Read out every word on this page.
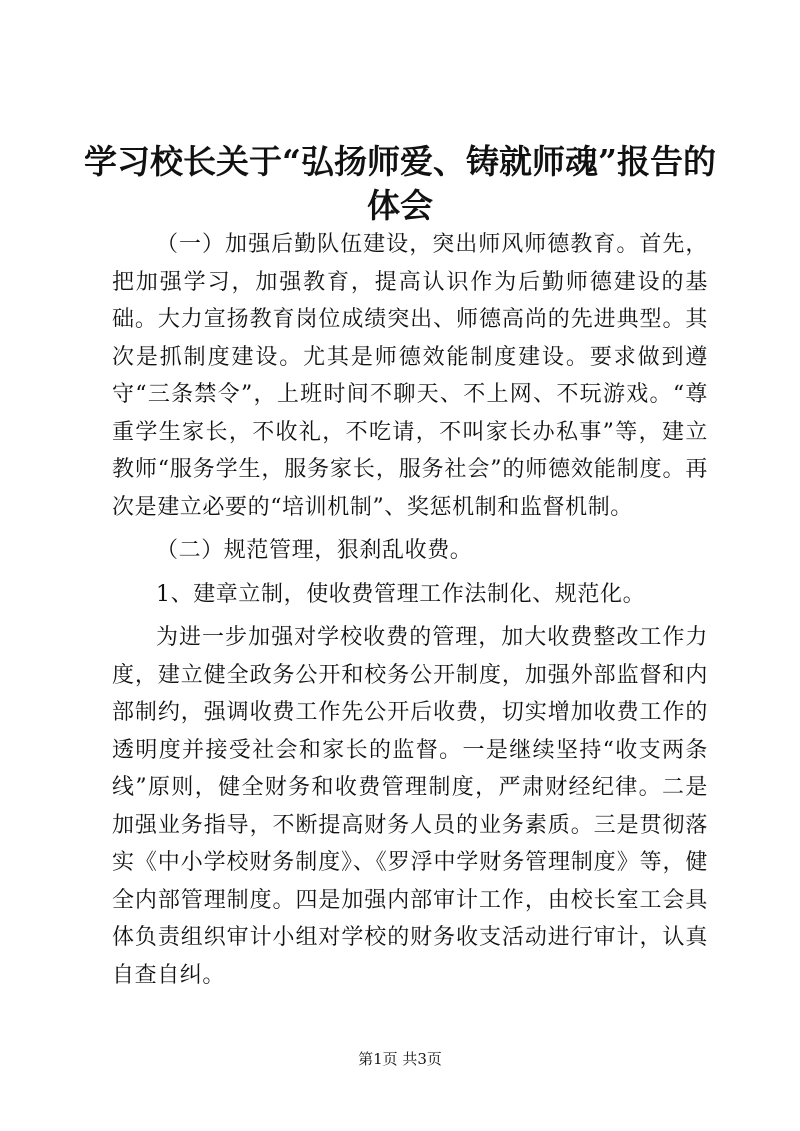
学习校长关于“弘扬师爱、铸就师魂”报告的体会

（一）加强后勤队伍建设，突出师风师德教育。首先，把加强学习，加强教育，提高认识作为后勤师德建设的基础。大力宣扬教育岗位成绩突出、师德高尚的先进典型。其次是抓制度建设。尤其是师德效能制度建设。要求做到遵守“三条禁令”，上班时间不聊天、不上网、不玩游戏。“尊重学生家长，不收礼，不吃请，不叫家长办私事”等，建立教师“服务学生，服务家长，服务社会”的师德效能制度。再次是建立必要的“培训机制”、奖惩机制和监督机制。

（二）规范管理，狠刹乱收费。

1、建章立制，使收费管理工作法制化、规范化。

为进一步加强对学校收费的管理，加大收费整改工作力度，建立健全政务公开和校务公开制度，加强外部监督和内部制约，强调收费工作先公开后收费，切实增加收费工作的透明度并接受社会和家长的监督。一是继续坚持“收支两条线”原则，健全财务和收费管理制度，严肃财经纪律。二是加强业务指导，不断提高财务人员的业务素质。三是贯彻落实《中小学校财务制度》、《罗浮中学财务管理制度》等，健全内部管理制度。四是加强内部审计工作，由校长室工会具体负责组织审计小组对学校的财务收支活动进行审计，认真自查自纠。

第1页 共3页
